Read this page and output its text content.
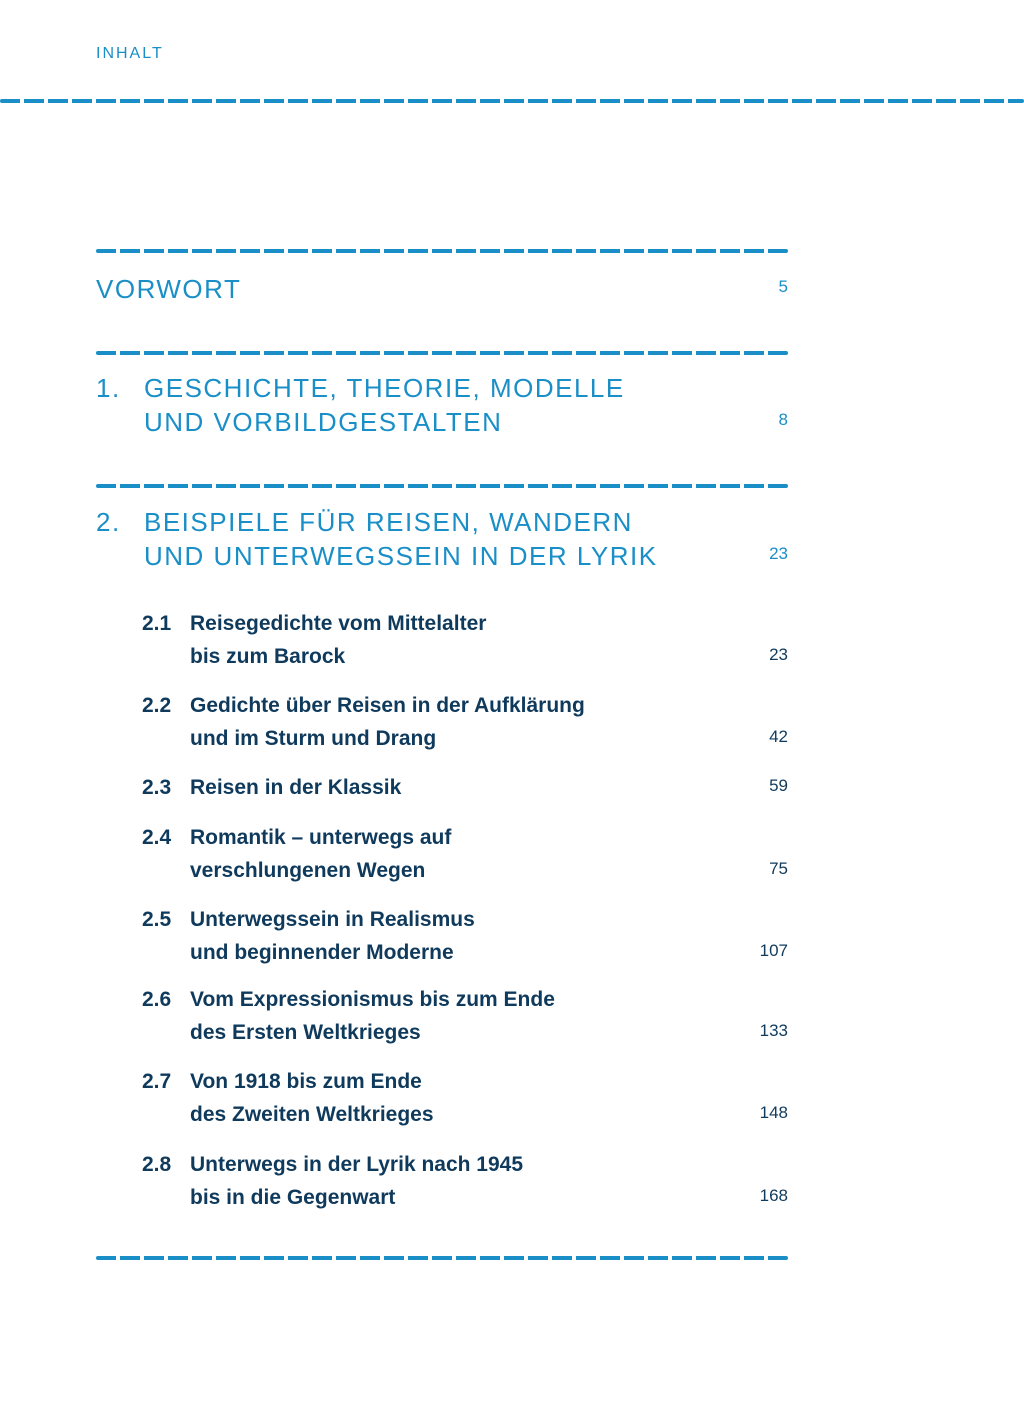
INHALT
VORWORT	5
1. GESCHICHTE, THEORIE, MODELLE
UND VORBILDGESTALTEN	8
2. BEISPIELE FÜR REISEN, WANDERN
UND UNTERWEGSSEIN IN DER LYRIK	23
2.1 Reisegedichte vom Mittelalter
bis zum Barock	23
2.2 Gedichte über Reisen in der Aufklärung
und im Sturm und Drang	42
2.3 Reisen in der Klassik	59
2.4 Romantik – unterwegs auf
verschlungenen Wegen	75
2.5 Unterwegssein in Realismus
und beginnender Moderne	107
2.6 Vom Expressionismus bis zum Ende
des Ersten Weltkrieges	133
2.7 Von 1918 bis zum Ende
des Zweiten Weltkrieges	148
2.8 Unterwegs in der Lyrik nach 1945
bis in die Gegenwart	168
